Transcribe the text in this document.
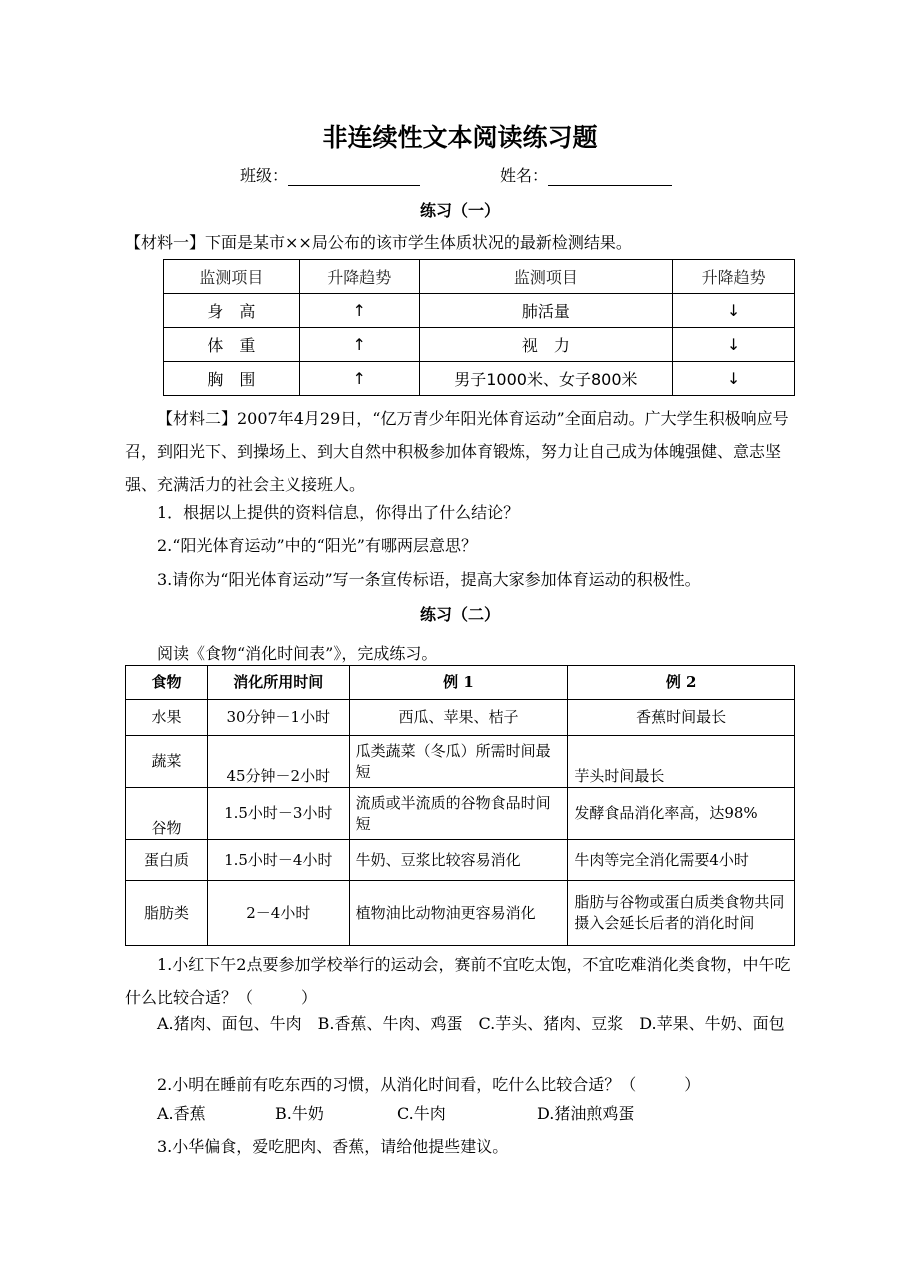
非连续性文本阅读练习题
班级：	姓名：
练习（一）
【材料一】下面是某市××局公布的该市学生体质状况的最新检测结果。
监测项目	升降趋势	监测项目	升降趋势
身　高	↑	肺活量	↓
体　重	↑	视　力	↓
胸　围	↑	男子1000米、女子800米	↓
【材料二】2007年4月29日，“亿万青少年阳光体育运动”全面启动。广大学生积极响应号召，到阳光下、到操场上、到大自然中积极参加体育锻炼，努力让自己成为体魄强健、意志坚强、充满活力的社会主义接班人。
1．根据以上提供的资料信息，你得出了什么结论？
2.“阳光体育运动”中的“阳光”有哪两层意思？
3.请你为“阳光体育运动”写一条宣传标语，提高大家参加体育运动的积极性。
练习（二）
阅读《食物“消化时间表”》，完成练习。
食物	消化所用时间	例 1	例 2
水果	30分钟－1小时	西瓜、苹果、桔子	香蕉时间最长
蔬菜	45分钟－2小时	瓜类蔬菜（冬瓜）所需时间最短	芋头时间最长
谷物	1.5小时－3小时	流质或半流质的谷物食品时间短	发酵食品消化率高，达98%
蛋白质	1.5小时－4小时	牛奶、豆浆比较容易消化	牛肉等完全消化需要4小时
脂肪类	2－4小时	植物油比动物油更容易消化	脂肪与谷物或蛋白质类食物共同摄入会延长后者的消化时间
1.小红下午2点要参加学校举行的运动会，赛前不宜吃太饱，不宜吃难消化类食物，中午吃什么比较合适？（　　　）
A.猪肉、面包、牛肉　B.香蕉、牛肉、鸡蛋　C.芋头、猪肉、豆浆　D.苹果、牛奶、面包
2.小明在睡前有吃东西的习惯，从消化时间看，吃什么比较合适？（　　　）
A.香蕉	B.牛奶	C.牛肉	D.猪油煎鸡蛋
3.小华偏食，爱吃肥肉、香蕉，请给他提些建议。
